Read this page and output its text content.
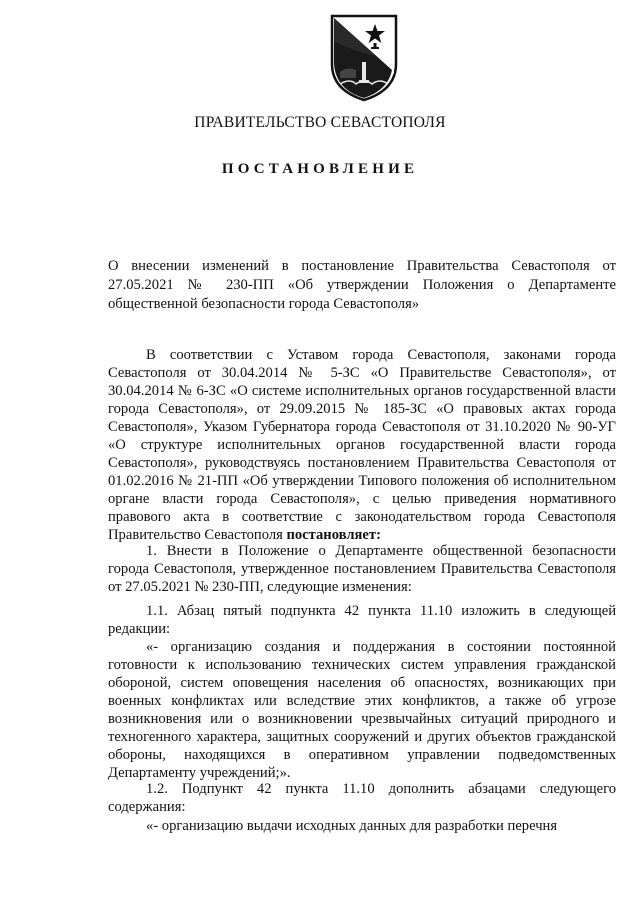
ПРАВИТЕЛЬСТВО СЕВАСТОПОЛЯ
ПОСТАНОВЛЕНИЕ
О внесении изменений в постановление Правительства Севастополя от 27.05.2021 № 230-ПП «Об утверждении Положения о Департаменте общественной безопасности города Севастополя»

В соответствии с Уставом города Севастополя, законами города Севастополя от 30.04.2014 № 5-ЗС «О Правительстве Севастополя», от 30.04.2014 № 6-ЗС «О системе исполнительных органов государственной власти города Севастополя», от 29.09.2015 № 185-ЗС «О правовых актах города Севастополя», Указом Губернатора города Севастополя от 31.10.2020 № 90-УГ «О структуре исполнительных органов государственной власти города Севастополя», руководствуясь постановлением Правительства Севастополя от 01.02.2016 № 21-ПП «Об утверждении Типового положения об исполнительном органе власти города Севастополя», с целью приведения нормативного правового акта в соответствие с законодательством города Севастополя Правительство Севастополя постановляет:

1. Внести в Положение о Департаменте общественной безопасности города Севастополя, утвержденное постановлением Правительства Севастополя от 27.05.2021 № 230-ПП, следующие изменения:

1.1. Абзац пятый подпункта 42 пункта 11.10 изложить в следующей редакции:

«- организацию создания и поддержания в состоянии постоянной готовности к использованию технических систем управления гражданской обороной, систем оповещения населения об опасностях, возникающих при военных конфликтах или вследствие этих конфликтов, а также об угрозе возникновения или о возникновении чрезвычайных ситуаций природного и техногенного характера, защитных сооружений и других объектов гражданской обороны, находящихся в оперативном управлении подведомственных Департаменту учреждений;».

1.2. Подпункт 42 пункта 11.10 дополнить абзацами следующего содержания:

«- организацию выдачи исходных данных для разработки перечня
